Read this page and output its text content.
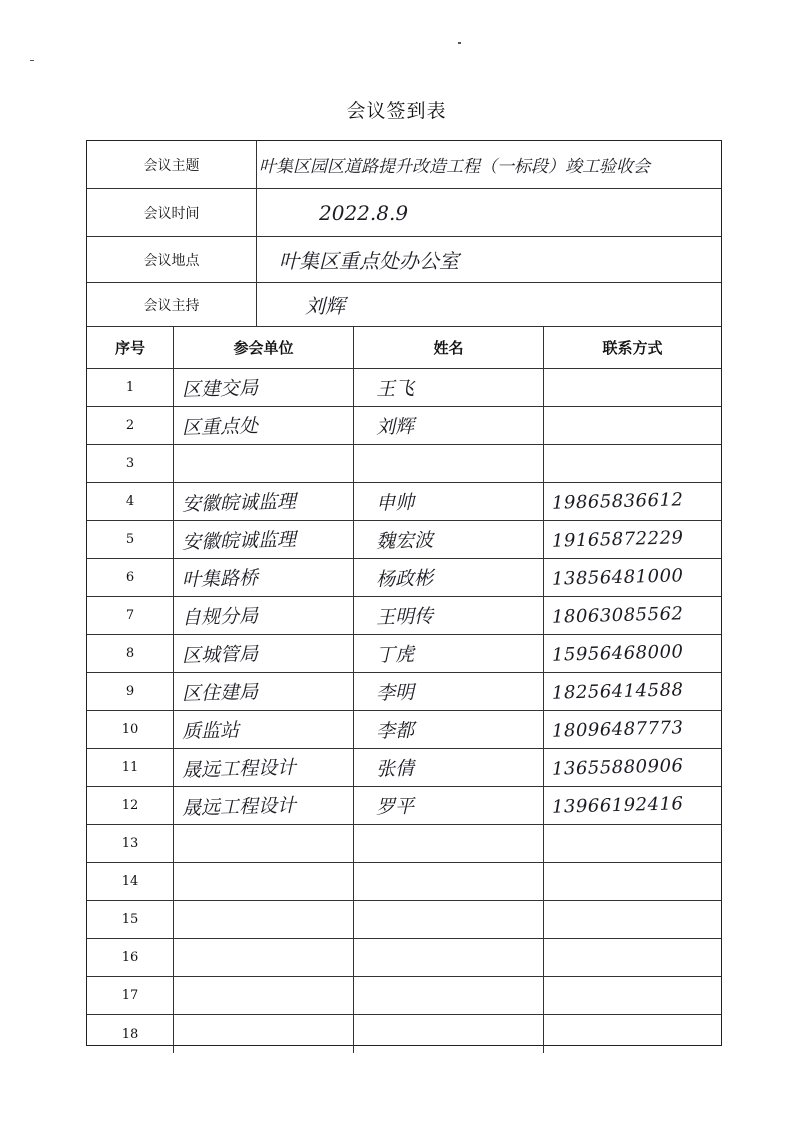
会议签到表
会议主题	叶集区园区道路提升改造工程（一标段）竣工验收会
会议时间	2022.8.9
会议地点	叶集区重点处办公室
会议主持	刘辉
序号	参会单位	姓名	联系方式
1	区建交局	王飞
2	区重点处	刘辉
3
4	安徽皖诚监理	申帅	19865836612
5	安徽皖诚监理	魏宏波	19165872229
6	叶集路桥	杨政彬	13856481000
7	自规分局	王明传	18063085562
8	区城管局	丁虎	15956468000
9	区住建局	李明	18256414588
10 质监站	李都	18096487773
11 晟远工程设计	张倩	13655880906
12 晟远工程设计	罗平	13966192416
13
14
15
16
17
18
